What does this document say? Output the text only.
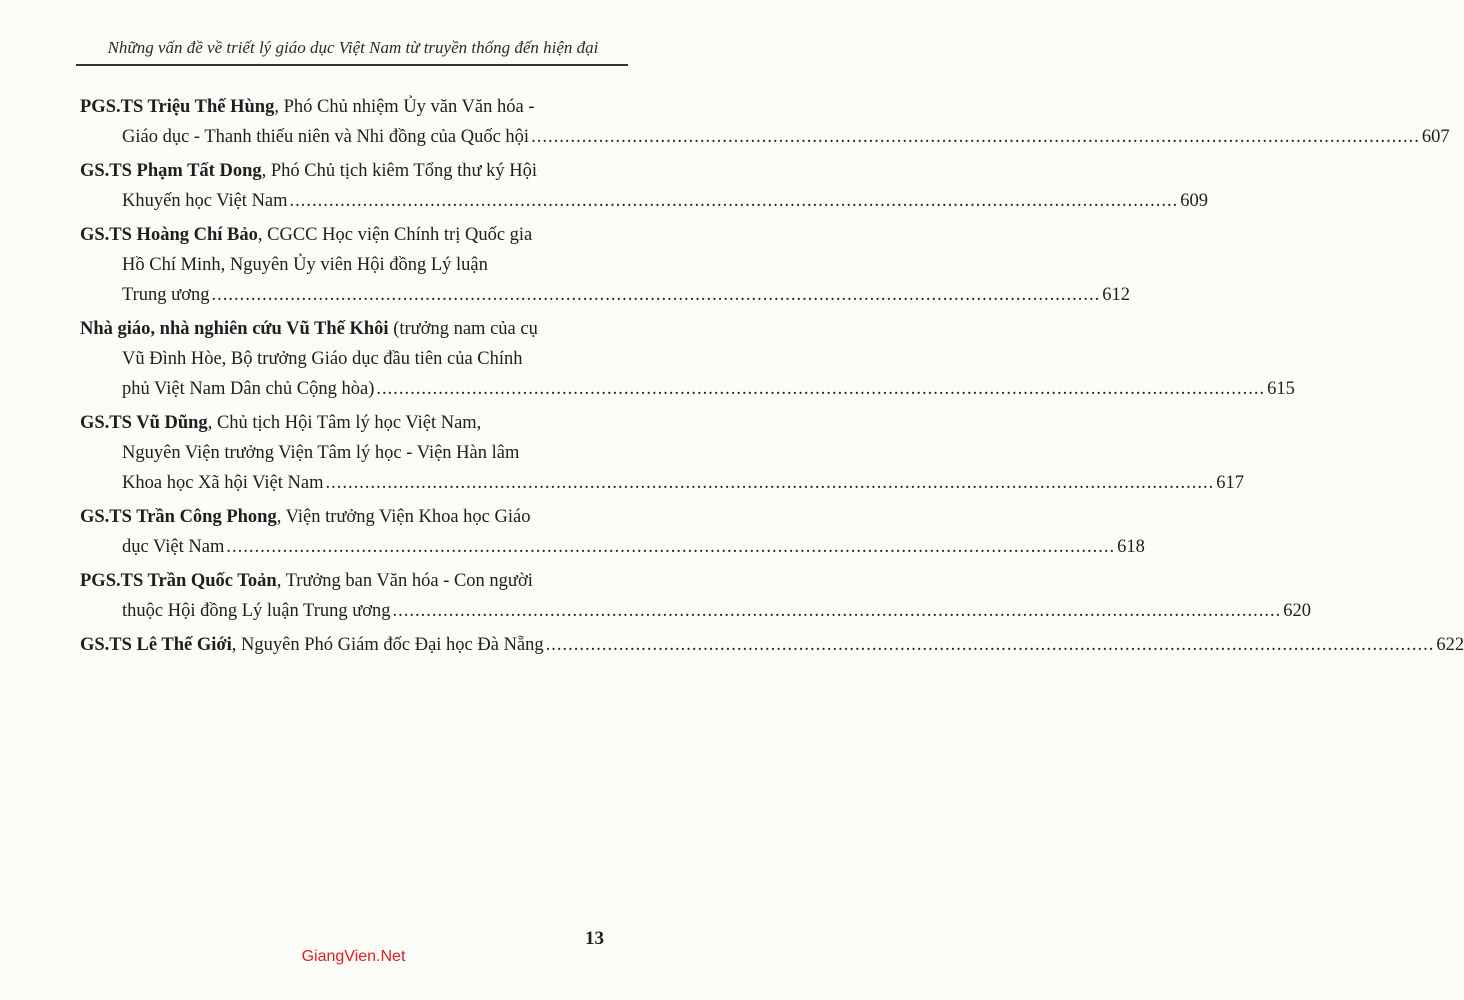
Những vấn đề về triết lý giáo dục Việt Nam từ truyền thống đến hiện đại
PGS.TS Triệu Thế Hùng, Phó Chủ nhiệm Ủy văn Văn hóa -
Giáo dục - Thanh thiếu niên và Nhi đồng của Quốc hội .....	607
GS.TS Phạm Tất Dong, Phó Chủ tịch kiêm Tổng thư ký Hội
Khuyến học Việt Nam .....	609
GS.TS Hoàng Chí Bảo, CGCC Học viện Chính trị Quốc gia
Hồ Chí Minh, Nguyên Ủy viên Hội đồng Lý luận
Trung ương .....	612
Nhà giáo, nhà nghiên cứu Vũ Thế Khôi (trưởng nam của cụ
Vũ Đình Hòe, Bộ trưởng Giáo dục đầu tiên của Chính
phủ Việt Nam Dân chủ Cộng hòa) .....	615
GS.TS Vũ Dũng, Chủ tịch Hội Tâm lý học Việt Nam,
Nguyên Viện trưởng Viện Tâm lý học - Viện Hàn lâm
Khoa học Xã hội Việt Nam .....	617
GS.TS Trần Công Phong, Viện trưởng Viện Khoa học Giáo
dục Việt Nam .....	618
PGS.TS Trần Quốc Toản, Trưởng ban Văn hóa - Con người
thuộc Hội đồng Lý luận Trung ương .....	620
GS.TS Lê Thế Giới, Nguyên Phó Giám đốc Đại học Đà Nẵng .....	622
13
GiangVien.Net
